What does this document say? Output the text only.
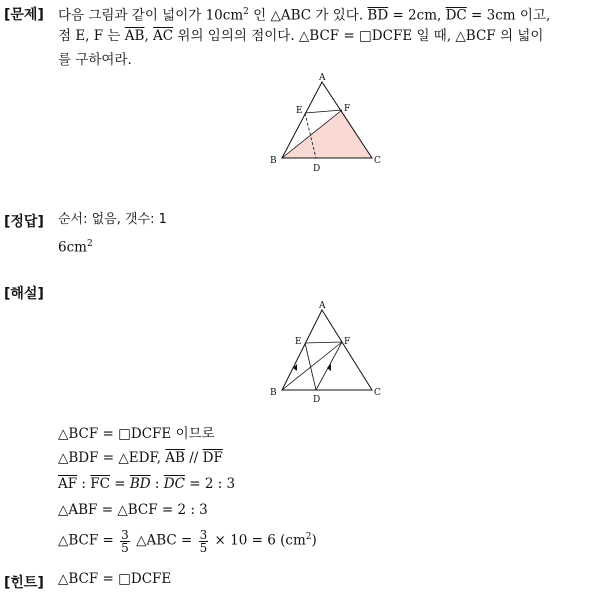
[문제] 다음 그림과 같이 넓이가 $10cm^2$ 인 △ABC 가 있다. $\overline{BD} = 2cm$, $\overline{DC} = 3cm$ 이고,
점 E, F 는 $\overline{AB}$, $\overline{AC}$ 위의 임의의 점이다. △BCF = □DCFE 일 때, △BCF 의 넓이
를 구하여라.
A
E	F
B
D
C
[정답] 순서: 없음, 갯수: 1
$6cm^2$
[해설]
A
E	F
B
D
C
△BCF = □DCFE 이므로
△BDF = △EDF, $\overline{AB} // \overline{DF}$
$\overline{AF}$ : $\overline{FC} = \overline{BD}$ : $\overline{DC} = 2$ : 3
△ABF = △BCF = 2 : 3
△BCF = $\frac{3}{5}$ △ABC = $\frac{3}{5} \times 10 = 6$ $(cm^2)$
[힌트] △BCF = □DCFE
